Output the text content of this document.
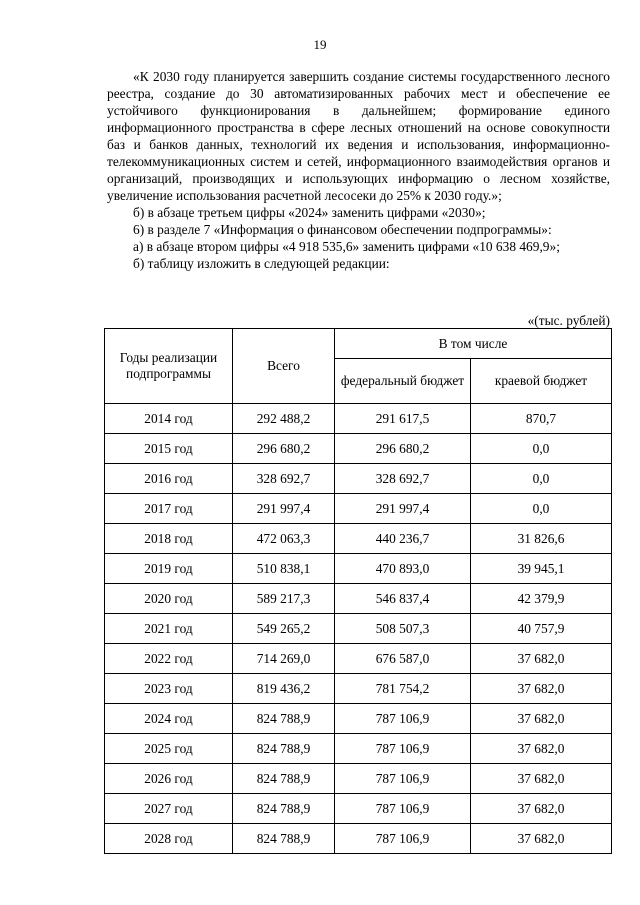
19

«К 2030 году планируется завершить создание системы государственного лесного реестра, создание до 30 автоматизированных рабочих мест и обеспечение ее устойчивого функционирования в дальнейшем; формирование единого информационного пространства в сфере лесных отношений на основе совокупности баз и банков данных, технологий их ведения и использования, информационно-телекоммуникационных систем и сетей, информационного взаимодействия органов и организаций, производящих и использующих информацию о лесном хозяйстве, увеличение использования расчетной лесосеки до 25% к 2030 году.»;

б) в абзаце третьем цифры «2024» заменить цифрами «2030»;

6) в разделе 7 «Информация о финансовом обеспечении подпрограммы»:

а) в абзаце втором цифры «4 918 535,6» заменить цифрами «10 638 469,9»;

б) таблицу изложить в следующей редакции:

«(тыс. рублей)
Годы реализации подпрограммы	Всего	В том числе	
		федеральный бюджет	краевой бюджет
2014 год	292 488,2	291 617,5	870,7
2015 год	296 680,2	296 680,2	0,0
2016 год	328 692,7	328 692,7	0,0
2017 год	291 997,4	291 997,4	0,0
2018 год	472 063,3	440 236,7	31 826,6
2019 год	510 838,1	470 893,0	39 945,1
2020 год	589 217,3	546 837,4	42 379,9
2021 год	549 265,2	508 507,3	40 757,9
2022 год	714 269,0	676 587,0	37 682,0
2023 год	819 436,2	781 754,2	37 682,0
2024 год	824 788,9	787 106,9	37 682,0
2025 год	824 788,9	787 106,9	37 682,0
2026 год	824 788,9	787 106,9	37 682,0
2027 год	824 788,9	787 106,9	37 682,0
2028 год	824 788,9	787 106,9	37 682,0
